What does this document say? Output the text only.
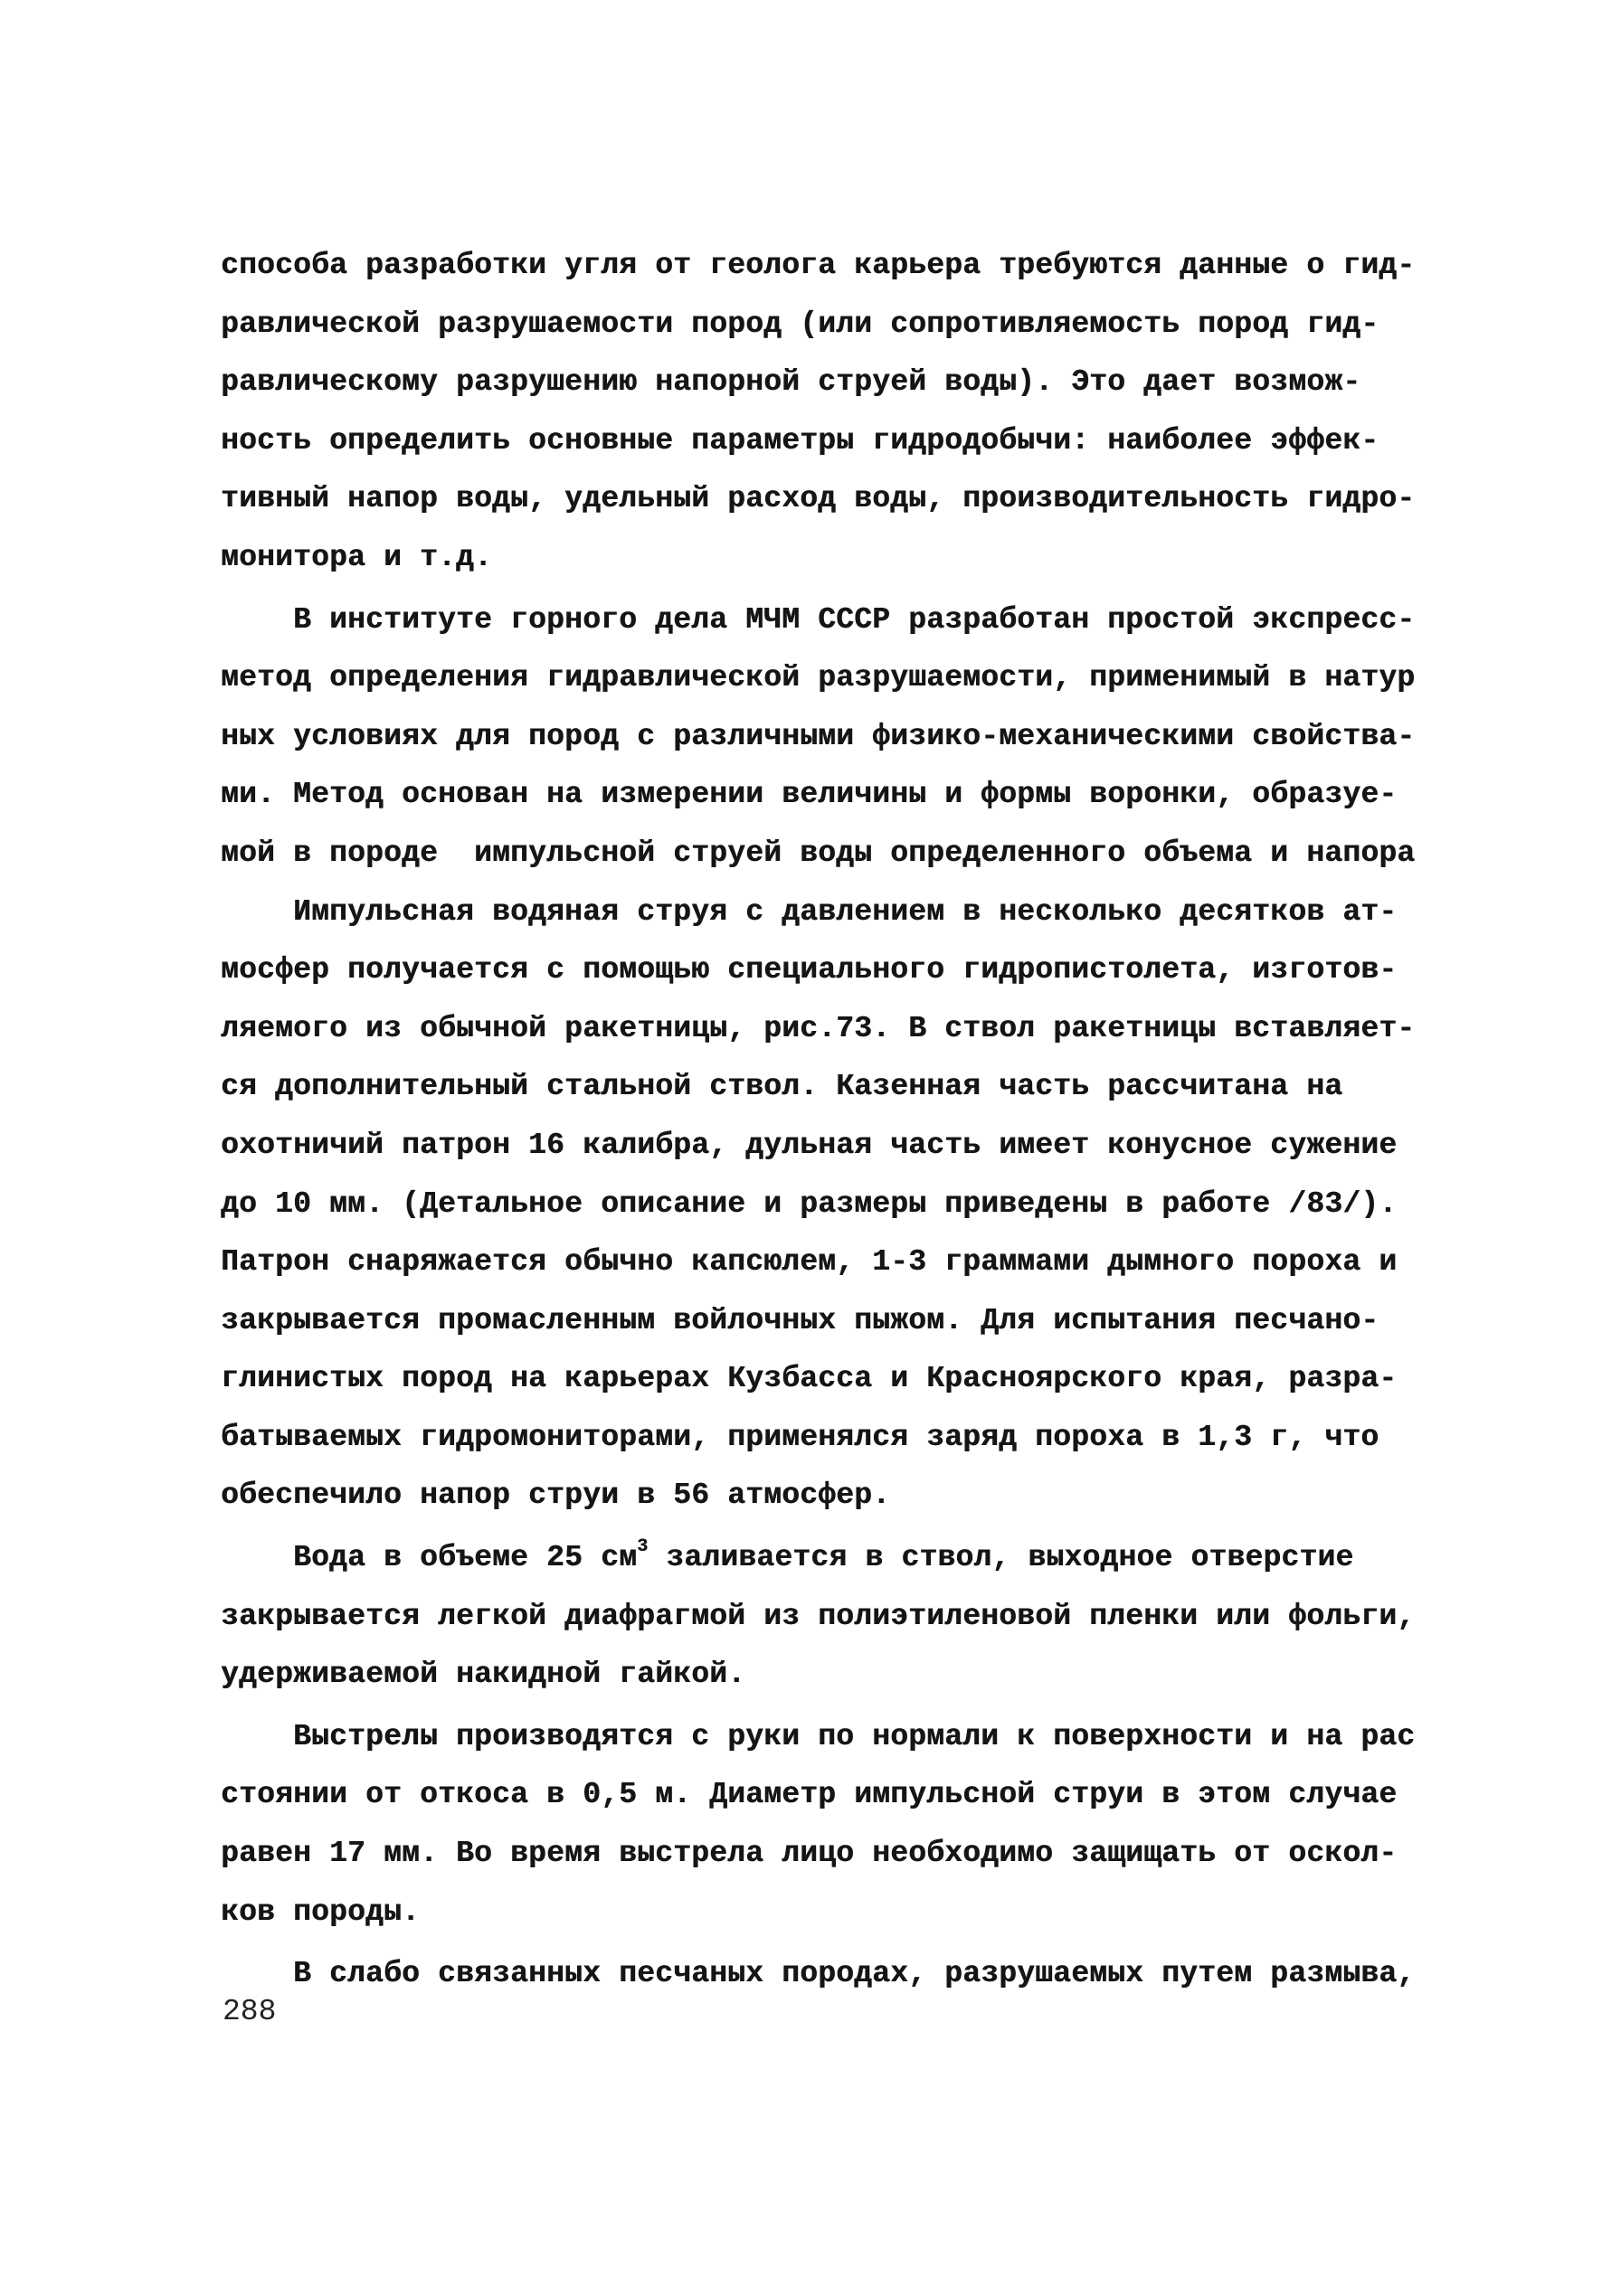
способа разработки угля от геолога карьера требуются данные о гид-
равлической разрушаемости пород (или сопротивляемость пород гид-
равлическому разрушению напорной струей воды). Это дает возмож-
ность определить основные параметры гидродобычи: наиболее эффек-
тивный напор воды, удельный расход воды, производительность гидро-
монитора и т.д.
В институте горного дела МЧМ СССР разработан простой экспресс-
метод определения гидравлической разрушаемости, применимый в натур
ных условиях для пород с различными физико-механическими свойства-
ми. Метод основан на измерении величины и формы воронки, образуе-
мой в породе  импульсной струей воды определенного объема и напора
Импульсная водяная струя с давлением в несколько десятков ат-
мосфер получается с помощью специального гидропистолета, изготов-
ляемого из обычной ракетницы, рис.73. В ствол ракетницы вставляет-
ся дополнительный стальной ствол. Казенная часть рассчитана на
охотничий патрон 16 калибра, дульная часть имеет конусное сужение
до 10 мм. (Детальное описание и размеры приведены в работе /83/).
Патрон снаряжается обычно капсюлем, 1-3 граммами дымного пороха и
закрывается промасленным войлочных пыжом. Для испытания песчано-
глинистых пород на карьерах Кузбасса и Красноярского края, разра-
батываемых гидромониторами, применялся заряд пороха в 1,3 г, что
обеспечило напор струи в 56 атмосфер.
Вода в объеме 25 $см^3$ заливается в ствол, выходное отверстие
закрывается легкой диафрагмой из полиэтиленовой пленки или фольги,
удерживаемой накидной гайкой.
Выстрелы производятся с руки по нормали к поверхности и на рас
стоянии от откоса в 0,5 м. Диаметр импульсной струи в этом случае
равен 17 мм. Во время выстрела лицо необходимо защищать от оскол-
ков породы.
В слабо связанных песчаных породах, разрушаемых путем размыва,
288
